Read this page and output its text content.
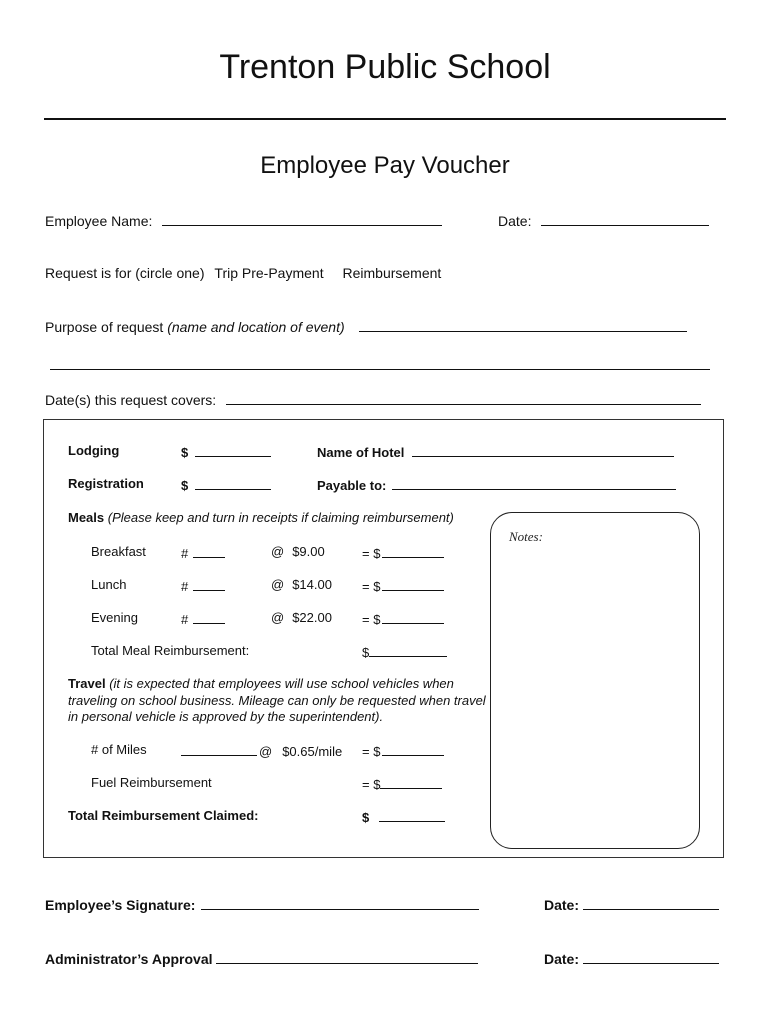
Trenton Public School
Employee Pay Voucher
Employee Name:	Date:
Request is for (circle one) Trip Pre-Payment Reimbursement
Purpose of request (name and location of event)
Date(s) this request covers:
Lodging	$	Name of Hotel
Registration	$	Payable to:
Meals (Please keep and turn in receipts if claiming reimbursement)
Breakfast	#	@ $9.00	= $
Lunch	#	@ $14.00 = $
Evening	#	@ $22.00 = $
Total Meal Reimbursement:	$
Travel (it is expected that employees will use school vehicles when traveling on school business. Mileage can only be requested when travel in personal vehicle is approved by the superintendent).
# of Miles	@ $0.65/mile = $
Fuel Reimbursement	= $
Total Reimbursement Claimed:	$
Notes:
Employee’s Signature:	Date:
Administrator’s Approval	Date:
